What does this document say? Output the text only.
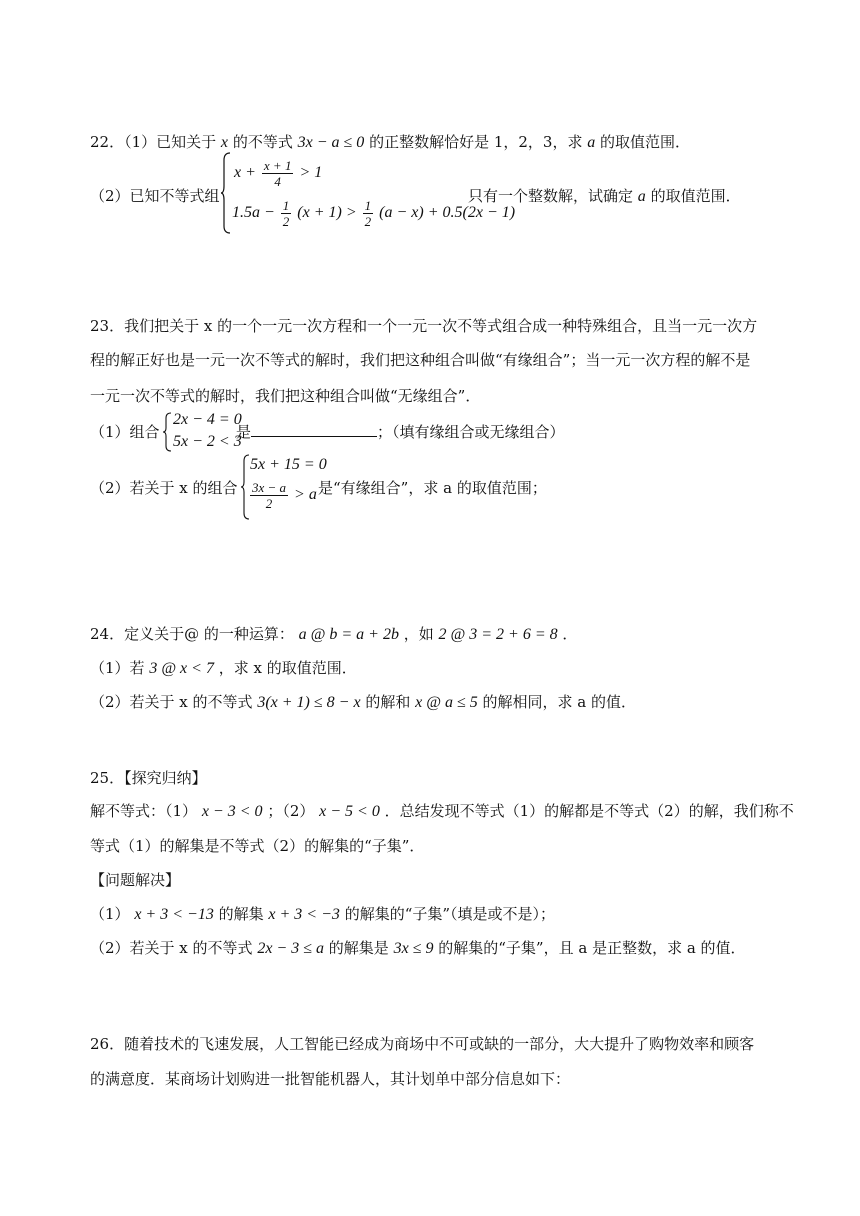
22．（1）已知关于 x 的不等式 3x − a ≤ 0 的正整数解恰好是 1，2，3，求 a 的取值范围．
（2）已知不等式组
$x + \frac{x + 1}{4} > 1$
$1.5a - \frac{1}{2} (x + 1) > \frac{1}{2} (a - x) + 0.5(2x - 1)$
只有一个整数解，试确定 a 的取值范围．
23．我们把关于 x 的一个一元一次方程和一个一元一次不等式组合成一种特殊组合，且当一元一次方
程的解正好也是一元一次不等式的解时，我们把这种组合叫做“有缘组合”；当一元一次方程的解不是
一元一次不等式的解时，我们把这种组合叫做“无缘组合”．
（1）组合
2x − 4 = 0
5x − 2 < 3
是	；（填有缘组合或无缘组合）
（2）若关于 x 的组合
5x + 15 = 0
$\frac{3x - a}{2} > a$ 是“有缘组合”，求 a 的取值范围；
24．定义关于@ 的一种运算： a @ b = a + 2b ，如 2 @ 3 = 2 + 6 = 8 ．
（1）若 3 @ x < 7 ，求 x 的取值范围．
（2）若关于 x 的不等式 3(x + 1) ≤ 8 − x 的解和 x @ a ≤ 5 的解相同，求 a 的值．
25．【探究归纳】
解不等式：（1） x − 3 < 0 ；（2） x − 5 < 0 ．总结发现不等式（1）的解都是不等式（2）的解，我们称不
等式（1）的解集是不等式（2）的解集的“子集”．
【问题解决】
（1） x + 3 < −13 的解集 x + 3 < −3 的解集的“子集”（填是或不是）；
（2）若关于 x 的不等式 2x − 3 ≤ a 的解集是 3x ≤ 9 的解集的“子集”，且 a 是正整数，求 a 的值．
26．随着技术的飞速发展，人工智能已经成为商场中不可或缺的一部分，大大提升了购物效率和顾客
的满意度．某商场计划购进一批智能机器人，其计划单中部分信息如下：
